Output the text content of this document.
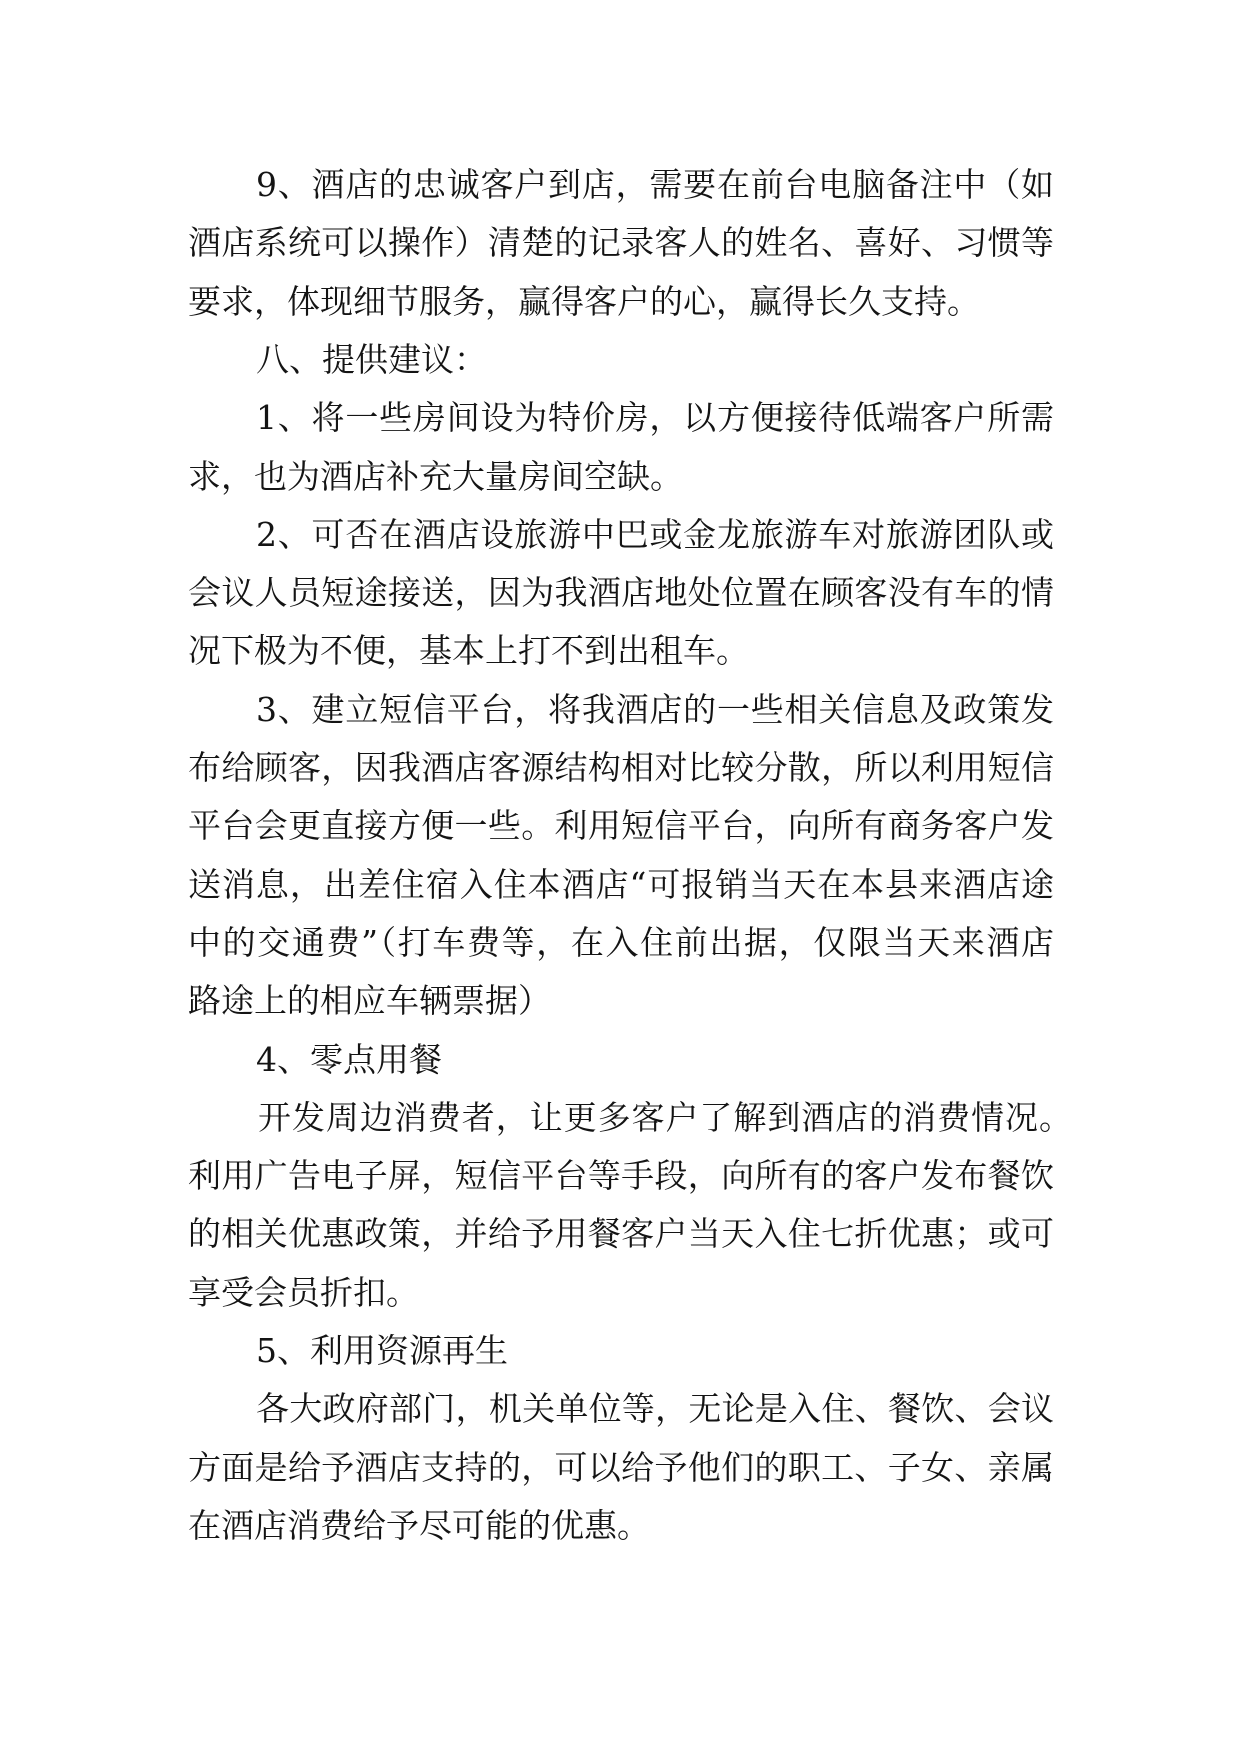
9、酒店的忠诚客户到店，需要在前台电脑备注中（如
酒店系统可以操作）清楚的记录客人的姓名、喜好、习惯等
要求，体现细节服务，赢得客户的心，赢得长久支持。
八、提供建议：
1、将一些房间设为特价房，以方便接待低端客户所需
求，也为酒店补充大量房间空缺。
2、可否在酒店设旅游中巴或金龙旅游车对旅游团队或
会议人员短途接送，因为我酒店地处位置在顾客没有车的情
况下极为不便，基本上打不到出租车。
3、建立短信平台，将我酒店的一些相关信息及政策发
布给顾客，因我酒店客源结构相对比较分散，所以利用短信
平台会更直接方便一些。利用短信平台，向所有商务客户发
送消息，出差住宿入住本酒店“可报销当天在本县来酒店途
中的交通费”（打车费等，在入住前出据，仅限当天来酒店
路途上的相应车辆票据）
4、零点用餐
开发周边消费者，让更多客户了解到酒店的消费情况。
利用广告电子屏，短信平台等手段，向所有的客户发布餐饮
的相关优惠政策，并给予用餐客户当天入住七折优惠；或可
享受会员折扣。
5、利用资源再生
各大政府部门，机关单位等，无论是入住、餐饮、会议
方面是给予酒店支持的，可以给予他们的职工、子女、亲属
在酒店消费给予尽可能的优惠。
